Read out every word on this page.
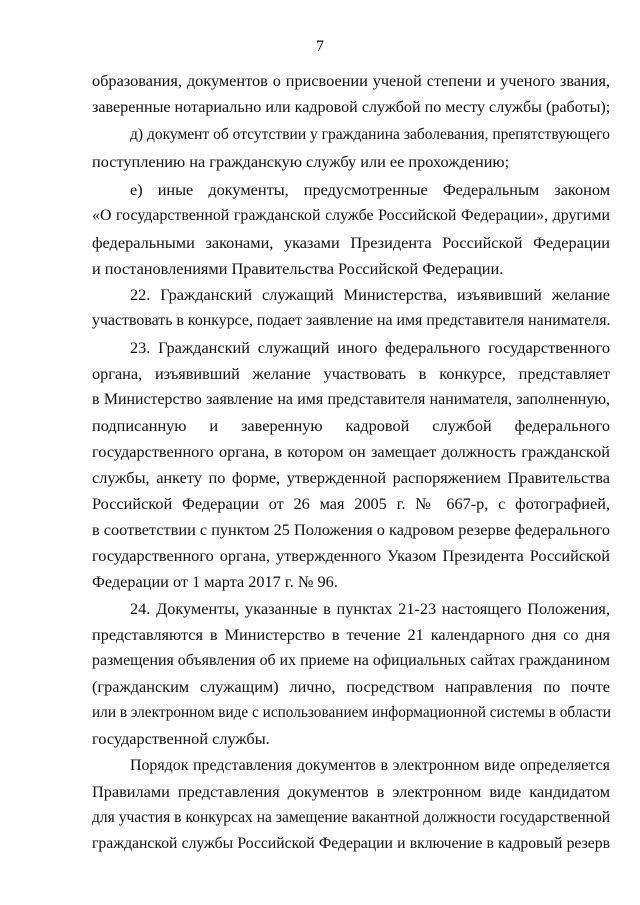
7
образования, документов о присвоении ученой степени и ученого звания,
заверенные нотариально или кадровой службой по месту службы (работы);
д) документ об отсутствии у гражданина заболевания, препятствующего
поступлению на гражданскую службу или ее прохождению;
е) иные документы, предусмотренные Федеральным законом
«О государственной гражданской службе Российской Федерации», другими
федеральными законами, указами Президента Российской Федерации
и постановлениями Правительства Российской Федерации.
22. Гражданский служащий Министерства, изъявивший желание
участвовать в конкурсе, подает заявление на имя представителя нанимателя.
23. Гражданский служащий иного федерального государственного
органа, изъявивший желание участвовать в конкурсе, представляет
в Министерство заявление на имя представителя нанимателя, заполненную,
подписанную и заверенную кадровой службой федерального
государственного органа, в котором он замещает должность гражданской
службы, анкету по форме, утвержденной распоряжением Правительства
Российской Федерации от 26 мая 2005 г. № 667-р, с фотографией,
в соответствии с пунктом 25 Положения о кадровом резерве федерального
государственного органа, утвержденного Указом Президента Российской
Федерации от 1 марта 2017 г. № 96.
24. Документы, указанные в пунктах 21-23 настоящего Положения,
представляются в Министерство в течение 21 календарного дня со дня
размещения объявления об их приеме на официальных сайтах гражданином
(гражданским служащим) лично, посредством направления по почте
или в электронном виде с использованием информационной системы в области
государственной службы.
Порядок представления документов в электронном виде определяется
Правилами представления документов в электронном виде кандидатом
для участия в конкурсах на замещение вакантной должности государственной
гражданской службы Российской Федерации и включение в кадровый резерв
